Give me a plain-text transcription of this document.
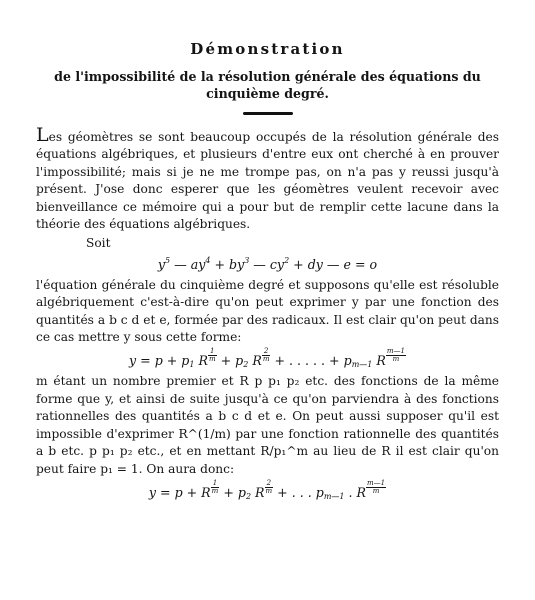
Démonstration

de l'impossibilité de la résolution générale des équations du
cinquième degré.

Les géomètres se sont beaucoup occupés de la résolution générale des équations algébriques, et plusieurs d'entre eux ont cherché à en prouver l'impossibilité; mais si je ne me trompe pas, on n'a pas y reussi jusqu'à présent. J'ose donc esperer que les géomètres veulent recevoir avec bienveillance ce mémoire qui a pour but de remplir cette lacune dans la théorie des équations algébriques.

Soit
$y^5$ — $ay^4 + by^3$ — $cy^2$ + dy — e = o

l'équation générale du cinquième degré et supposons qu'elle est résoluble algébriquement c'est-à-dire qu'on peut exprimer y par une fonction des quantités a b c d et e, formée par des radicaux. Il est clair qu'on peut dans ce cas mettre y sous cette forme:

$y = p + p_1$ R $\frac{1}{m} + p_2$ R $\frac{2}{m}$ + . . . . . + $p_{m—1}$ R $\frac{m—1}{m}$

m étant un nombre premier et R p p₁ p₂ etc. des fonctions de la même forme que y, et ainsi de suite jusqu'à ce qu'on parviendra à des fonctions rationnelles des quantités a b c d et e. On peut aussi supposer qu'il est impossible d'exprimer R^(1/m) par une fonction rationnelle des quantités a b etc. p p₁ p₂ etc., et en mettant R/p₁^m au lieu de R il est clair qu'on peut faire p₁ = 1. On aura donc:

y = p + R $\frac{1}{m} + p_2$ R $\frac{2}{m}$ + . . . $p_{m—1}$ . R $\frac{m—1}{m}$
